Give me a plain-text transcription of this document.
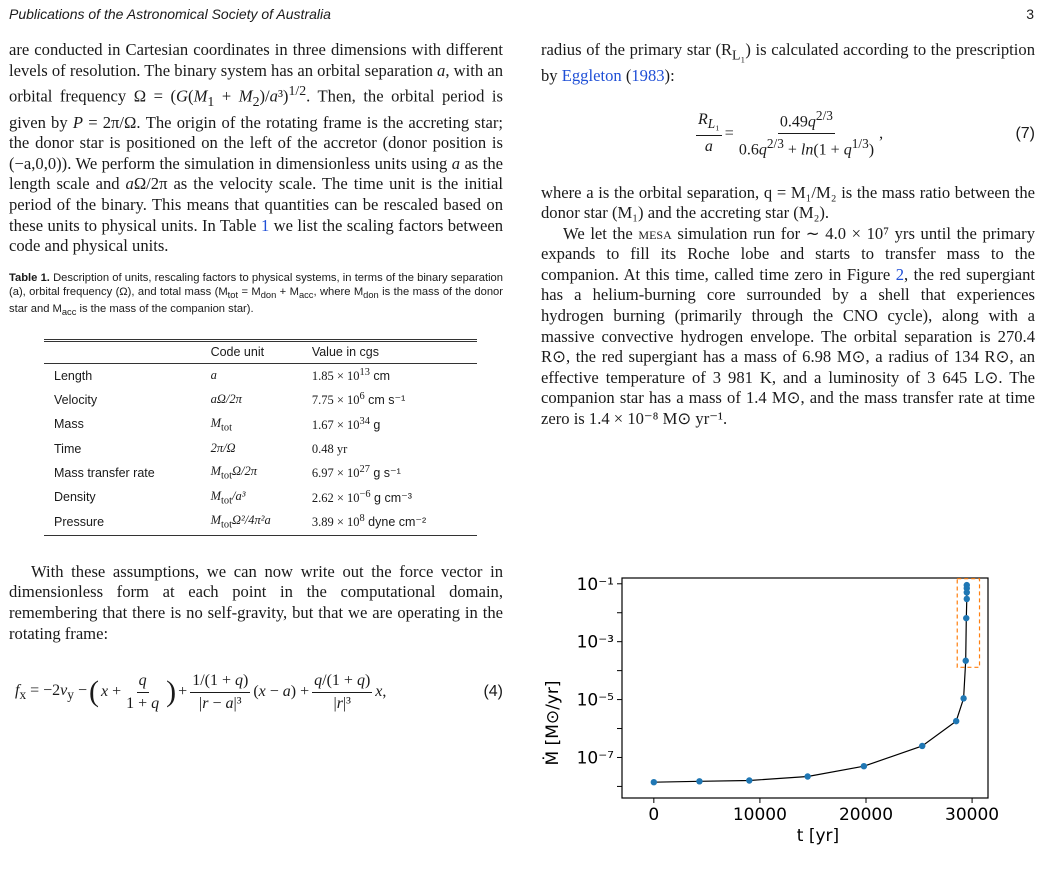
Publications of the Astronomical Society of Australia	3

are conducted in Cartesian coordinates in three dimensions with different levels of resolution. The binary system has an orbital separation a, with an orbital frequency $\Omega = (G(M_1 + M_2)/a^3)^{1/2}$. Then, the orbital period is given by P = 2π/Ω. The origin of the rotating frame is the accreting star; the donor star is positioned on the left of the accretor (donor position is (−a,0,0)). We perform the simulation in dimensionless units using a as the length scale and aΩ/2π as the velocity scale. The time unit is the initial period of the binary. This means that quantities can be rescaled based on these units to physical units. In Table 1 we list the scaling factors between code and physical units.

Table 1. Description of units, rescaling factors to physical systems, in terms of the binary separation (a), orbital frequency (Ω), and total mass ($M_{tot} = M_{don} + M_{acc}$, where $M_{don}$ is the mass of the donor star and $M_{acc}$ is the mass of the companion star).

	Code unit	Value in cgs
Length	a	$1.85 \times 10^{13}$ cm
Velocity	aΩ/2π	$7.75 \times 10^6$ cm s⁻¹
Mass	$M_{tot}$	$1.67 \times 10^{34}$ g
Time	2π/Ω	0.48 yr
Mass transfer rate	$M_{tot}\Omega/2\pi$	$6.97 \times 10^{27}$ g s⁻¹
Density	$M_{tot}/a^3$	$2.62 \times 10^{-6}$ g cm⁻³
Pressure	$M_{tot}\Omega^2/4\pi^2a$	$3.89 \times 10^8$ dyne cm⁻²

With these assumptions, we can now write out the force vector in dimensionless form at each point in the computational domain, remembering that there is no self-gravity, but that we are operating in the rotating frame:

$f_x = -2v_y$ − ( $x + \frac{q}{1 + q}$ ) + $\frac{1/(1 + q)}{\text{|r − a|³}} (x - a) + \frac{q/(1 + q)}{\text{|r|³}} x$,	(4)

radius of the primary star $(R_{L_1})$ is calculated according to the prescription by Eggleton (1983):

$\frac{R_{L_1}}{a} = \frac{0.49q^{2/3}}{0.6q^{2/3} + \ln(1 + q^{1/3})}$ ,	(7)

where a is the orbital separation, q = M₁/M₂ is the mass ratio between the donor star (M₁) and the accreting star (M₂).

We let the mesa simulation run for ∼ 4.0 × 10⁷ yrs until the primary expands to fill its Roche lobe and starts to transfer mass to the companion. At this time, called time zero in Figure 2, the red supergiant has a helium-burning core surrounded by a shell that experiences hydrogen burning (primarily through the CNO cycle), along with a massive convective hydrogen envelope. The orbital separation is 270.4 R⊙, the red supergiant has a mass of 6.98 M⊙, a radius of 134 R⊙, an effective temperature of 3 981 K, and a luminosity of 3 645 L⊙. The companion star has a mass of 1.4 M⊙, and the mass transfer rate at time zero is 1.4 × 10⁻⁸ M⊙ yr⁻¹.

0	10000	20000	30000
10⁻¹
10⁻³
10⁻⁵
10⁻⁷
t [yr]
Ṁ [M⊙/yr]
